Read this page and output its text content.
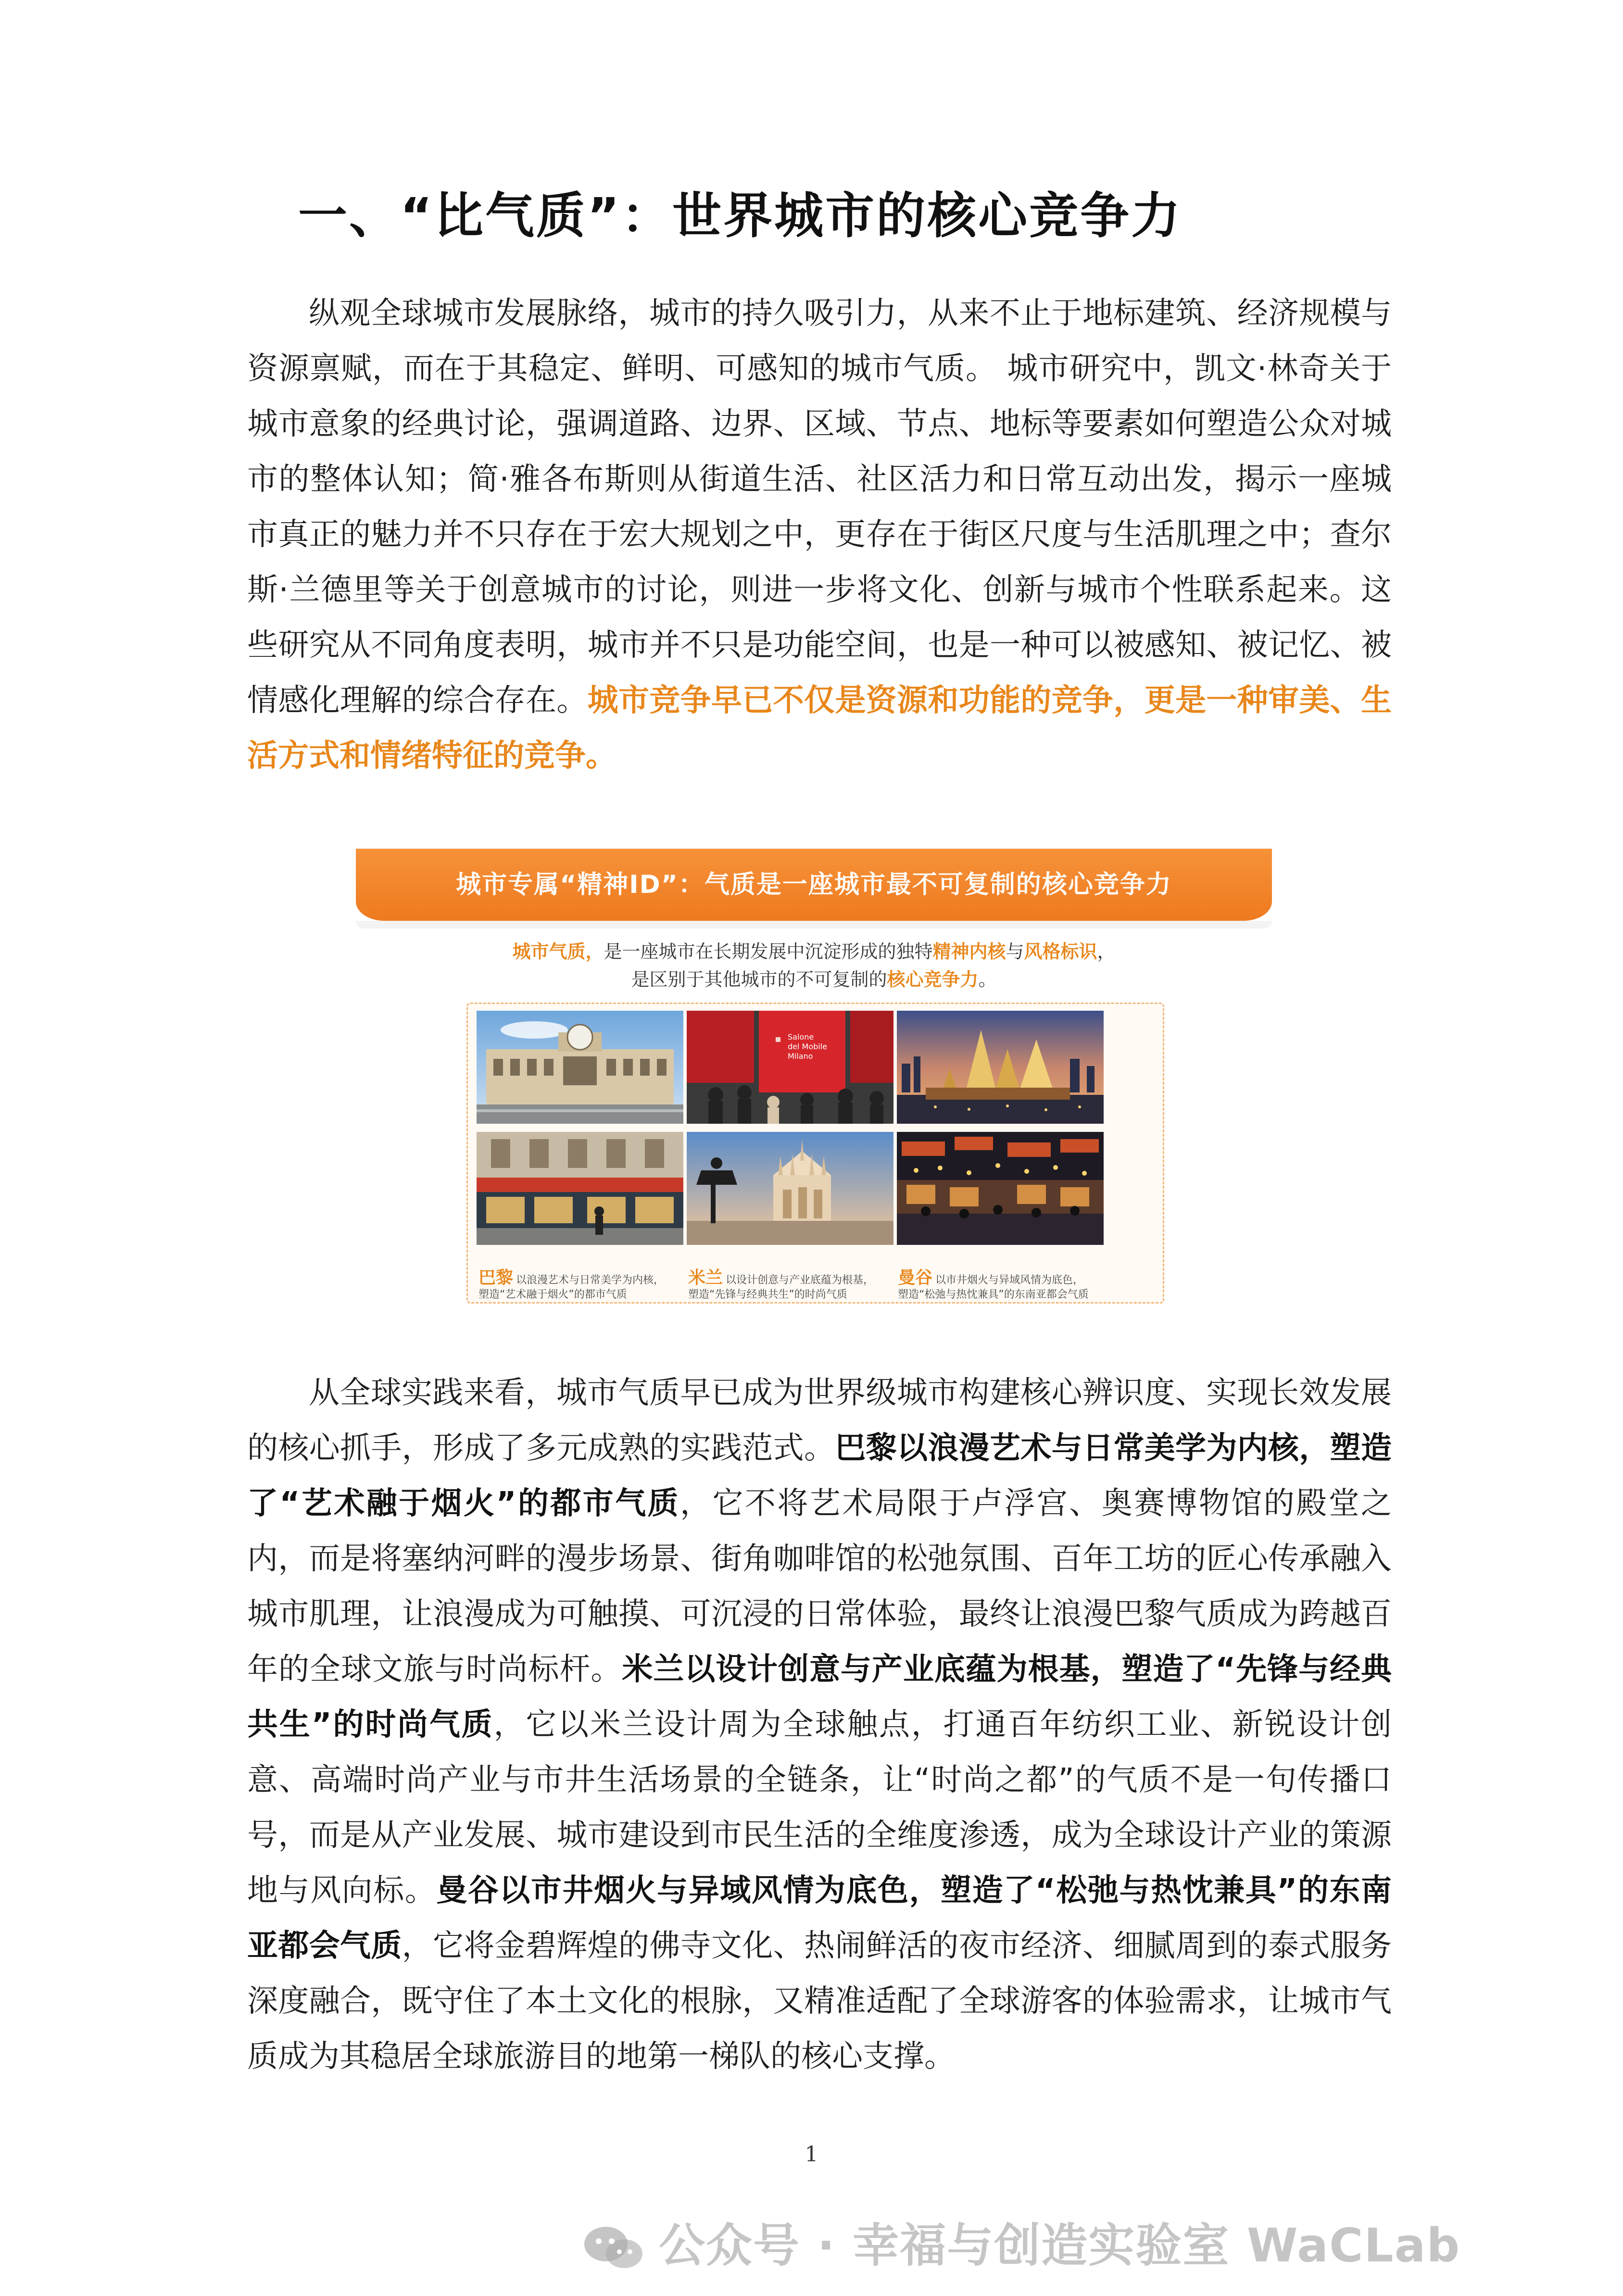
一、“比气质”：世界城市的核心竞争力
纵观全球城市发展脉络，城市的持久吸引力，从来不止于地标建筑、经济规模与资源禀赋，而在于其稳定、鲜明、可感知的城市气质。 城市研究中，凯文·林奇关于城市意象的经典讨论，强调道路、边界、区域、节点、地标等要素如何塑造公众对城市的整体认知；简·雅各布斯则从街道生活、社区活力和日常互动出发，揭示一座城市真正的魅力并不只存在于宏大规划之中，更存在于街区尺度与生活肌理之中；查尔斯·兰德里等关于创意城市的讨论，则进一步将文化、创新与城市个性联系起来。这些研究从不同角度表明，城市并不只是功能空间，也是一种可以被感知、被记忆、被情感化理解的综合存在。城市竞争早已不仅是资源和功能的竞争，更是一种审美、生活方式和情绪特征的竞争。
城市专属“精神ID”：气质是一座城市最不可复制的核心竞争力
城市气质，是一座城市在长期发展中沉淀形成的独特精神内核与风格标识，
是区别于其他城市的不可复制的核心竞争力。
Salone
del Mobile
Milano
巴黎 以浪漫艺术与日常美学为内核，
塑造“艺术融于烟火”的都市气质
米兰 以设计创意与产业底蕴为根基，
塑造“先锋与经典共生”的时尚气质
曼谷 以市井烟火与异域风情为底色，
塑造“松弛与热忱兼具”的东南亚都会气质
从全球实践来看，城市气质早已成为世界级城市构建核心辨识度、实现长效发展的核心抓手，形成了多元成熟的实践范式。巴黎以浪漫艺术与日常美学为内核，塑造了“艺术融于烟火”的都市气质，它不将艺术局限于卢浮宫、奥赛博物馆的殿堂之内，而是将塞纳河畔的漫步场景、街角咖啡馆的松弛氛围、百年工坊的匠心传承融入城市肌理，让浪漫成为可触摸、可沉浸的日常体验，最终让浪漫巴黎气质成为跨越百年的全球文旅与时尚标杆。米兰以设计创意与产业底蕴为根基，塑造了“先锋与经典共生”的时尚气质，它以米兰设计周为全球触点，打通百年纺织工业、新锐设计创意、高端时尚产业与市井生活场景的全链条，让“时尚之都”的气质不是一句传播口号，而是从产业发展、城市建设到市民生活的全维度渗透，成为全球设计产业的策源地与风向标。曼谷以市井烟火与异域风情为底色，塑造了“松弛与热忱兼具”的东南亚都会气质，它将金碧辉煌的佛寺文化、热闹鲜活的夜市经济、细腻周到的泰式服务深度融合，既守住了本土文化的根脉，又精准适配了全球游客的体验需求，让城市气质成为其稳居全球旅游目的地第一梯队的核心支撑。
1
公众号 · 幸福与创造实验室 WaCLab
